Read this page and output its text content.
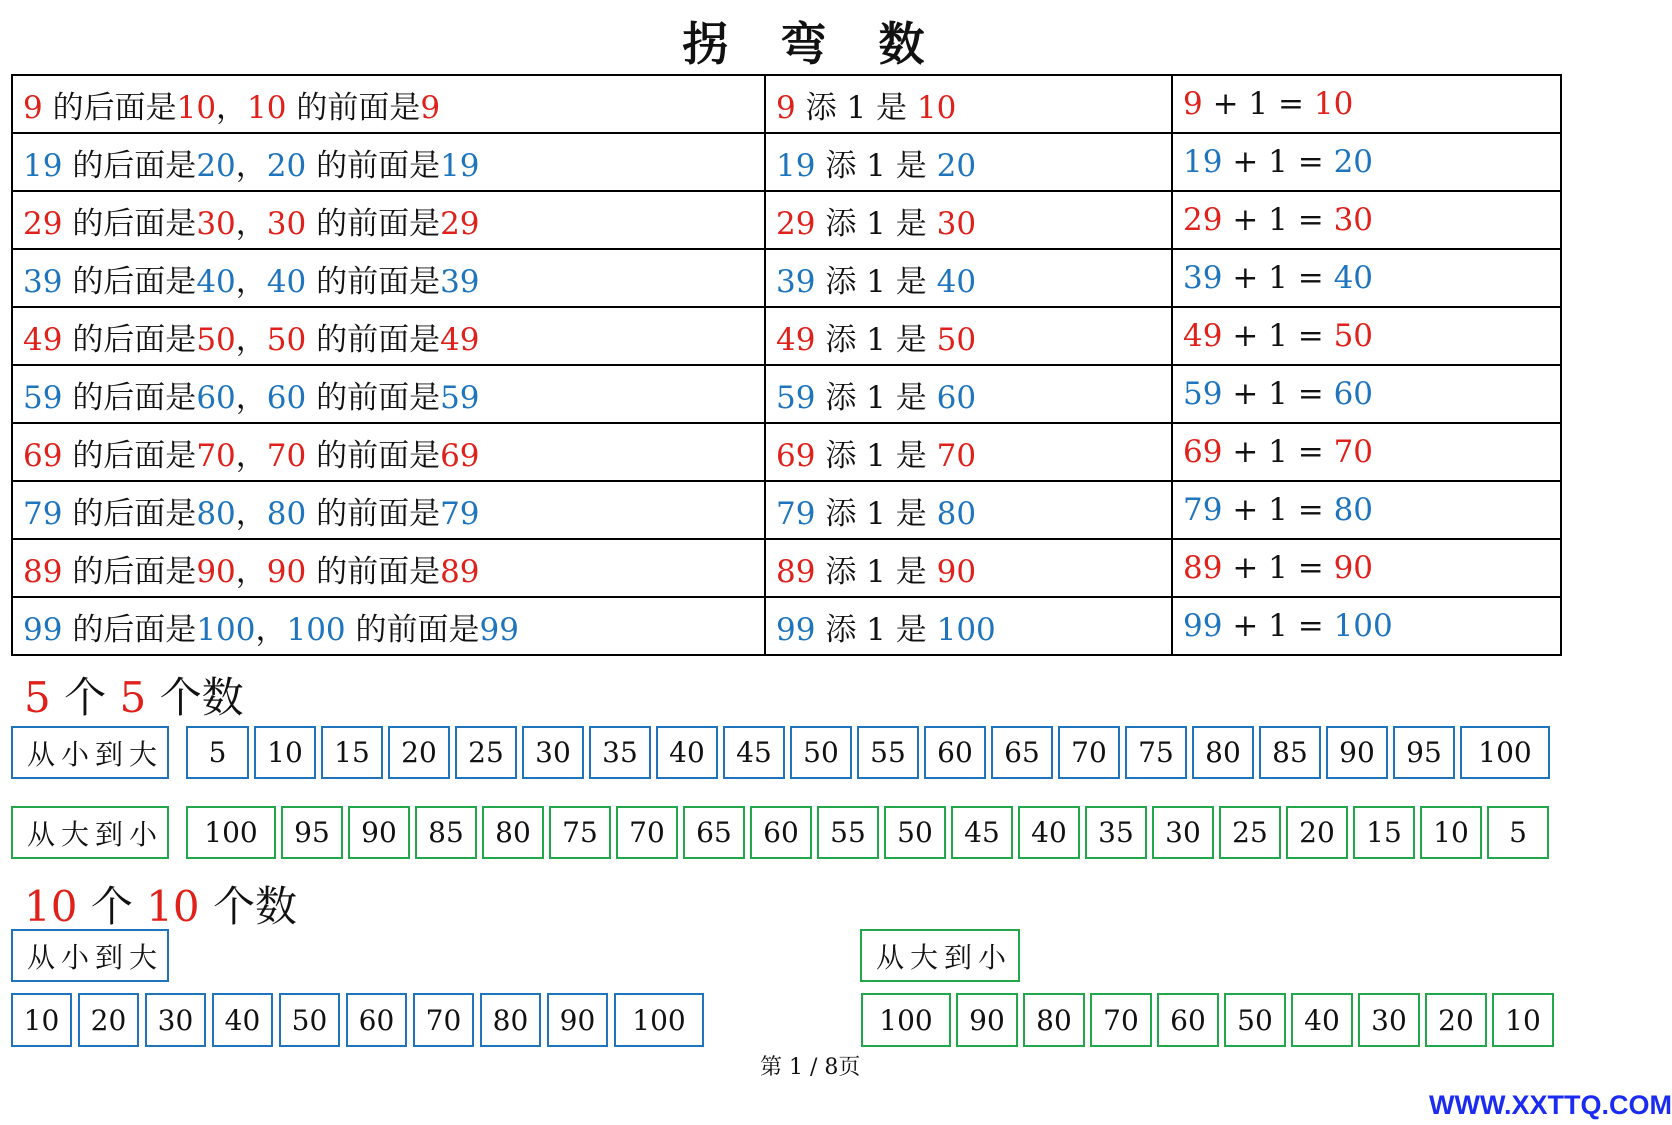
拐 弯 数
9 的后面是10，10 的前面是9	9 添 1 是 10	9 + 1 = 10
19 的后面是20，20 的前面是19	19 添 1 是 20	19 + 1 = 20
29 的后面是30，30 的前面是29	29 添 1 是 30	29 + 1 = 30
39 的后面是40，40 的前面是39	39 添 1 是 40	39 + 1 = 40
49 的后面是50，50 的前面是49	49 添 1 是 50	49 + 1 = 50
59 的后面是60，60 的前面是59	59 添 1 是 60	59 + 1 = 60
69 的后面是70，70 的前面是69	69 添 1 是 70	69 + 1 = 70
79 的后面是80，80 的前面是79	79 添 1 是 80	79 + 1 = 80
89 的后面是90，90 的前面是89	89 添 1 是 90	89 + 1 = 90
99 的后面是100，100 的前面是99	99 添 1 是 100	99 + 1 = 100
5 个 5 个数
从小到大	5	10	15	20	25	30	35	40	45	50	55	60	65	70	75	80	85	90	95	100
从大到小	100	95	90	85	80	75	70	65	60	55	50	45	40	35	30	25	20	15	10	5
10 个 10 个数
从小到大	从大到小
10	20	30	40	50	60	70	80	90	100	100	90	80	70	60	50	40	30	20	10
第 1 / 8页
WWW.XXTTQ.COM
